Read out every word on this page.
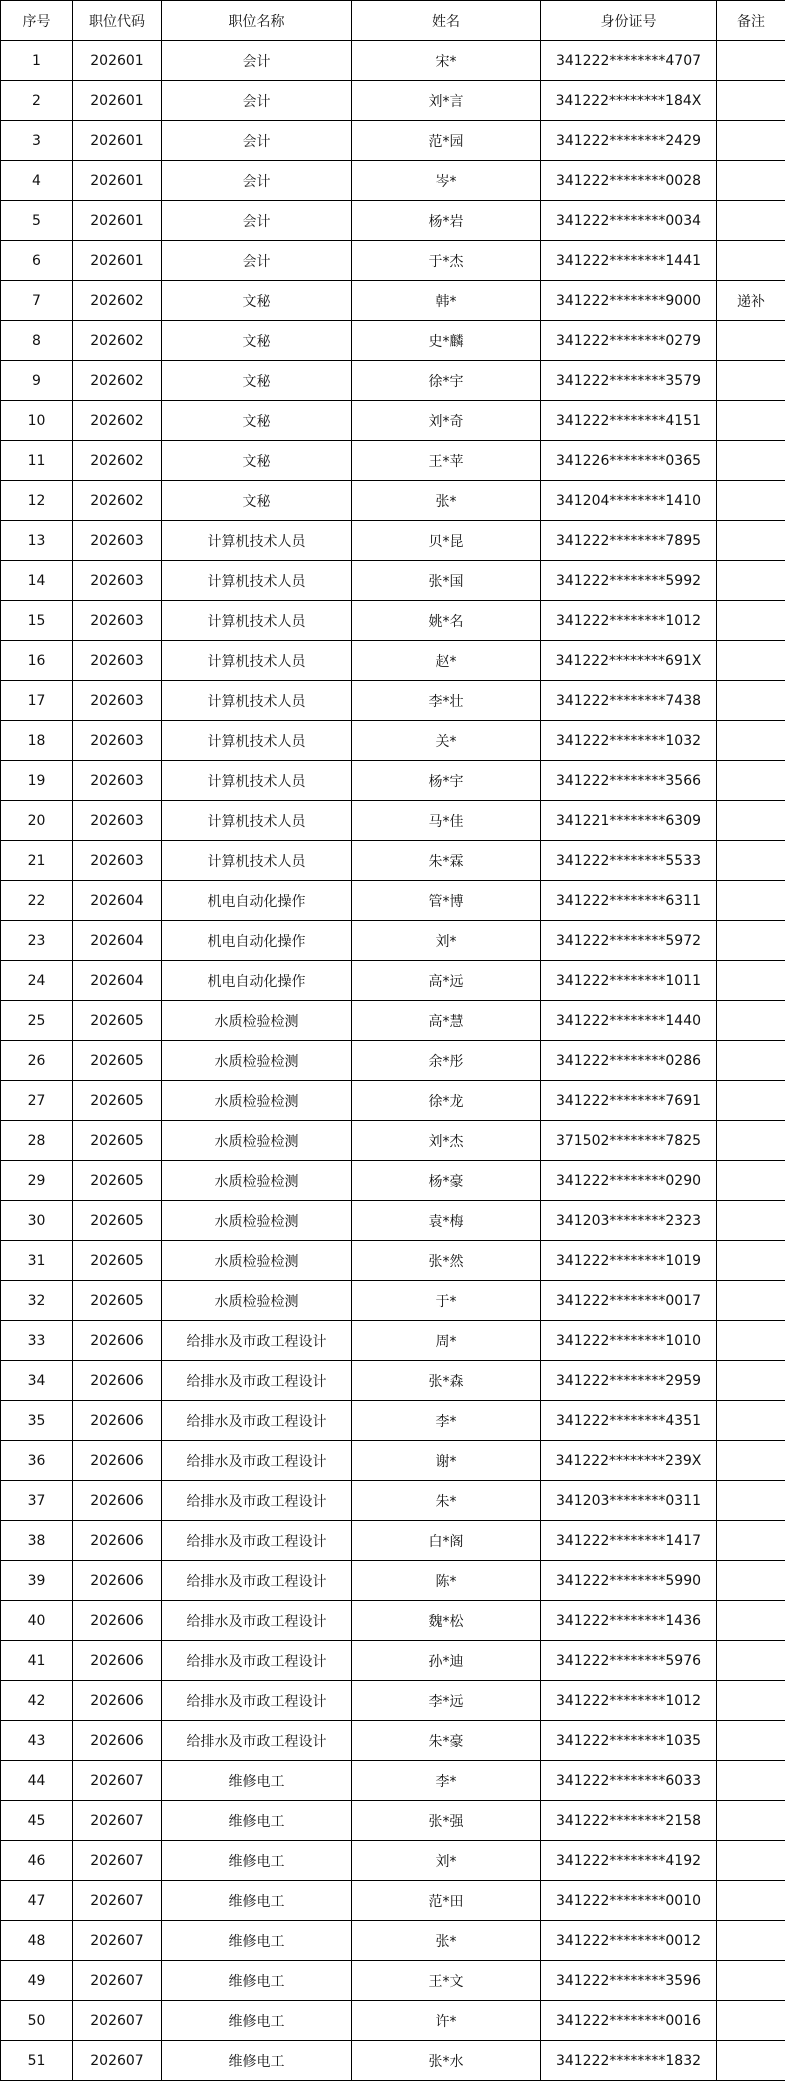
序号	职位代码	职位名称	姓名	身份证号	备注
1	202601	会计	宋*	341222********4707	
2	202601	会计	刘*言	341222********184X	
3	202601	会计	范*园	341222********2429	
4	202601	会计	岑*	341222********0028	
5	202601	会计	杨*岩	341222********0034	
6	202601	会计	于*杰	341222********1441	
7	202602	文秘	韩*	341222********9000	递补
8	202602	文秘	史*麟	341222********0279	
9	202602	文秘	徐*宇	341222********3579	
10	202602	文秘	刘*奇	341222********4151	
11	202602	文秘	王*苹	341226********0365	
12	202602	文秘	张*	341204********1410	
13	202603	计算机技术人员	贝*昆	341222********7895	
14	202603	计算机技术人员	张*国	341222********5992	
15	202603	计算机技术人员	姚*名	341222********1012	
16	202603	计算机技术人员	赵*	341222********691X	
17	202603	计算机技术人员	李*壮	341222********7438	
18	202603	计算机技术人员	关*	341222********1032	
19	202603	计算机技术人员	杨*宇	341222********3566	
20	202603	计算机技术人员	马*佳	341221********6309	
21	202603	计算机技术人员	朱*霖	341222********5533	
22	202604	机电自动化操作	管*博	341222********6311	
23	202604	机电自动化操作	刘*	341222********5972	
24	202604	机电自动化操作	高*远	341222********1011	
25	202605	水质检验检测	高*慧	341222********1440	
26	202605	水质检验检测	余*彤	341222********0286	
27	202605	水质检验检测	徐*龙	341222********7691	
28	202605	水质检验检测	刘*杰	371502********7825	
29	202605	水质检验检测	杨*豪	341222********0290	
30	202605	水质检验检测	袁*梅	341203********2323	
31	202605	水质检验检测	张*然	341222********1019	
32	202605	水质检验检测	于*	341222********0017	
33	202606	给排水及市政工程设计	周*	341222********1010	
34	202606	给排水及市政工程设计	张*森	341222********2959	
35	202606	给排水及市政工程设计	李*	341222********4351	
36	202606	给排水及市政工程设计	谢*	341222********239X	
37	202606	给排水及市政工程设计	朱*	341203********0311	
38	202606	给排水及市政工程设计	白*阁	341222********1417	
39	202606	给排水及市政工程设计	陈*	341222********5990	
40	202606	给排水及市政工程设计	魏*松	341222********1436	
41	202606	给排水及市政工程设计	孙*迪	341222********5976	
42	202606	给排水及市政工程设计	李*远	341222********1012	
43	202606	给排水及市政工程设计	朱*豪	341222********1035	
44	202607	维修电工	李*	341222********6033	
45	202607	维修电工	张*强	341222********2158	
46	202607	维修电工	刘*	341222********4192	
47	202607	维修电工	范*田	341222********0010	
48	202607	维修电工	张*	341222********0012	
49	202607	维修电工	王*文	341222********3596	
50	202607	维修电工	许*	341222********0016	
51	202607	维修电工	张*水	341222********1832	
